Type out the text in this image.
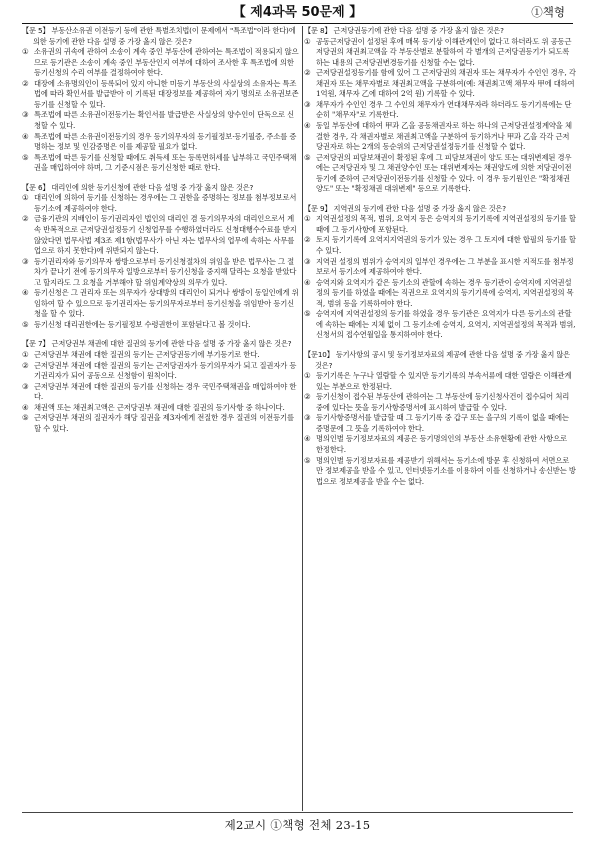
【 제4과목 50문제 】	①책형
【문 5】 부동산소유권 이전등기 등에 관한 특별조치법(이 문제에서 "특조법"이라 한다)에 의한 등기에 관한 다음 설명 중 가장 옳지 않은 것은?
① 소유권의 귀속에 관하여 소송이 계속 중인 부동산에 관하여는 특조법이 적용되지 않으므로 등기관은 소송이 계속 중인 부동산인지 여부에 대하여 조사한 후 특조법에 의한 등기신청의 수리 여부를 결정하여야 한다.
② 대장에 소유명의인이 등록되어 있지 아니한 미등기 부동산의 사실상의 소유자는 특조법에 따라 확인서를 발급받아 이 기록된 대장정보를 제공하여 자기 명의로 소유권보존등기를 신청할 수 있다.
③ 특조법에 따른 소유권이전등기는 확인서를 발급받은 사실상의 양수인이 단독으로 신청할 수 있다.
④ 특조법에 따른 소유권이전등기의 경우 등기의무자의 등기필정보·등기필증, 주소를 증명하는 정보 및 인감증명은 이를 제공할 필요가 없다.
⑤ 특조법에 따른 등기를 신청할 때에도 취득세 또는 등록면허세를 납부하고 국민주택채권을 매입하여야 하며, 그 기준시점은 등기신청한 때로 한다.
【문 6】 대리인에 의한 등기신청에 관한 다음 설명 중 가장 옳지 않은 것은?
① 대리인에 의하여 등기를 신청하는 경우에는 그 권한을 증명하는 정보를 첨부정보로서 등기소에 제공하여야 한다.
② 금융기관의 지배인이 등기권리자인 법인의 대리인 겸 등기의무자의 대리인으로서 계속 반복적으로 근저당권설정등기 신청업무를 수행하였더라도 신청대행수수료를 받지 않았다면 법무사법 제3조 제1항(법무사가 아닌 자는 법무사의 업무에 속하는 사무를 업으로 하지 못한다)에 위반되지 않는다.
③ 등기권리자와 등기의무자 쌍방으로부터 등기신청절차의 위임을 받은 법무사는 그 절차가 끝나기 전에 등기의무자 일방으로부터 등기신청을 중지해 달라는 요청을 받았다고 할지라도 그 요청을 거부해야 할 위임계약상의 의무가 있다.
④ 등기신청은 그 권리자 또는 의무자가 상대방의 대리인이 되거나 쌍방이 동일인에게 위임하여 할 수 있으므로 등기권리자는 등기의무자로부터 등기신청을 위임받아 등기신청을 할 수 있다.
⑤ 등기신청 대리권한에는 등기필정보 수령권한이 포함된다고 볼 것이다.
【문 7】 근저당권부 채권에 대한 질권의 등기에 관한 다음 설명 중 가장 옳지 않은 것은?
① 근저당권부 채권에 대한 질권의 등기는 근저당권등기에 부기등기로 한다.
② 근저당권부 채권에 대한 질권의 등기는 근저당권자가 등기의무자가 되고 질권자가 등기권리자가 되어 공동으로 신청함이 원칙이다.
③ 근저당권부 채권에 대한 질권의 등기를 신청하는 경우 국민주택채권을 매입하여야 한다.
④ 채권액 또는 채권최고액은 근저당권부 채권에 대한 질권의 등기사항 중 하나이다.
⑤ 근저당권부 채권의 질권자가 해당 질권을 제3자에게 전질한 경우 질권의 이전등기를 할 수 있다.
【문 8】 근저당권등기에 관한 다음 설명 중 가장 옳지 않은 것은?
① 공동근저당권이 설정된 후에 매목 등기상 이해관계인이 없다고 하더라도 위 공동근저당권의 채권최고액을 각 부동산별로 분할하여 각 별개의 근저당권등기가 되도록 하는 내용의 근저당권변경등기를 신청할 수는 없다.
② 근저당권설정등기를 함에 있어 그 근저당권의 채권자 또는 채무자가 수인인 경우, 각 채권자 또는 채무자별로 채권최고액을 구분하여(예: 채권최고액 채무자 甲에 대하여 1억원, 채무자 乙에 대하여 2억 원) 기록할 수 있다.
③ 채무자가 수인인 경우 그 수인의 채무자가 연대채무자라 하더라도 등기기록에는 단순히 "채무자"로 기록한다.
④ 동일 부동산에 대하여 甲과 乙을 공동채권자로 하는 하나의 근저당권설정계약을 체결한 경우, 각 채권자별로 채권최고액을 구분하여 등기하거나 甲과 乙을 각각 근저당권자로 하는 2개의 동순위의 근저당권설정등기를 신청할 수 없다.
⑤ 근저당권의 피담보채권이 확정된 후에 그 피담보채권이 양도 또는 대위변제된 경우에는 근저당권자 및 그 채권양수인 또는 대위변제자는 채권양도에 의한 저당권이전등기에 준하여 근저당권이전등기를 신청할 수 있다. 이 경우 등기원인은 "확정채권 양도" 또는 "확정채권 대위변제" 등으로 기록한다.
【문 9】 지역권의 등기에 관한 다음 설명 중 가장 옳지 않은 것은?
① 지역권설정의 목적, 범위, 요역지 등은 승역지의 등기기록에 지역권설정의 등기를 할 때에 그 등기사항에 포함된다.
② 토지 등기기록에 요역지지역권의 등기가 있는 경우 그 토지에 대한 합필의 등기를 할 수 있다.
③ 지역권 설정의 범위가 승역지의 일부인 경우에는 그 부분을 표시한 지적도를 첨부정보로서 등기소에 제공하여야 한다.
④ 승역지와 요역지가 같은 등기소의 관할에 속하는 경우 등기관이 승역지에 지역권설정의 등기를 하였을 때에는 직권으로 요역지의 등기기록에 승역지, 지역권설정의 목적, 범위 등을 기록하여야 한다.
⑤ 승역지에 지역권설정의 등기를 하였을 경우 등기관은 요역지가 다른 등기소의 관할에 속하는 때에는 지체 없이 그 등기소에 승역지, 요역지, 지역권설정의 목적과 범위, 신청서의 접수연월일을 통지하여야 한다.
【문10】 등기사항의 공시 및 등기정보자료의 제공에 관한 다음 설명 중 가장 옳지 않은 것은?
① 등기기록은 누구나 열람할 수 있지만 등기기록의 부속서류에 대한 열람은 이해관계 있는 부분으로 한정된다.
② 등기신청이 접수된 부동산에 관하여는 그 부동산에 등기신청사건이 접수되어 처리 중에 있다는 뜻을 등기사항증명서에 표시하여 발급할 수 있다.
③ 등기사항증명서를 발급할 때 그 등기기록 중 갑구 또는 을구의 기록이 없을 때에는 증명문에 그 뜻을 기록하여야 한다.
④ 명의인별 등기정보자료의 제공은 등기명의인의 부동산 소유현황에 관한 사항으로 한정한다.
⑤ 명의인별 등기정보자료를 제공받기 위해서는 등기소에 방문 후 신청하여 서면으로만 정보제공을 받을 수 있고, 인터넷등기소를 이용하여 이를 신청하거나 송신받는 방법으로 정보제공을 받을 수는 없다.
제2교시 ①책형 전체 23-15
